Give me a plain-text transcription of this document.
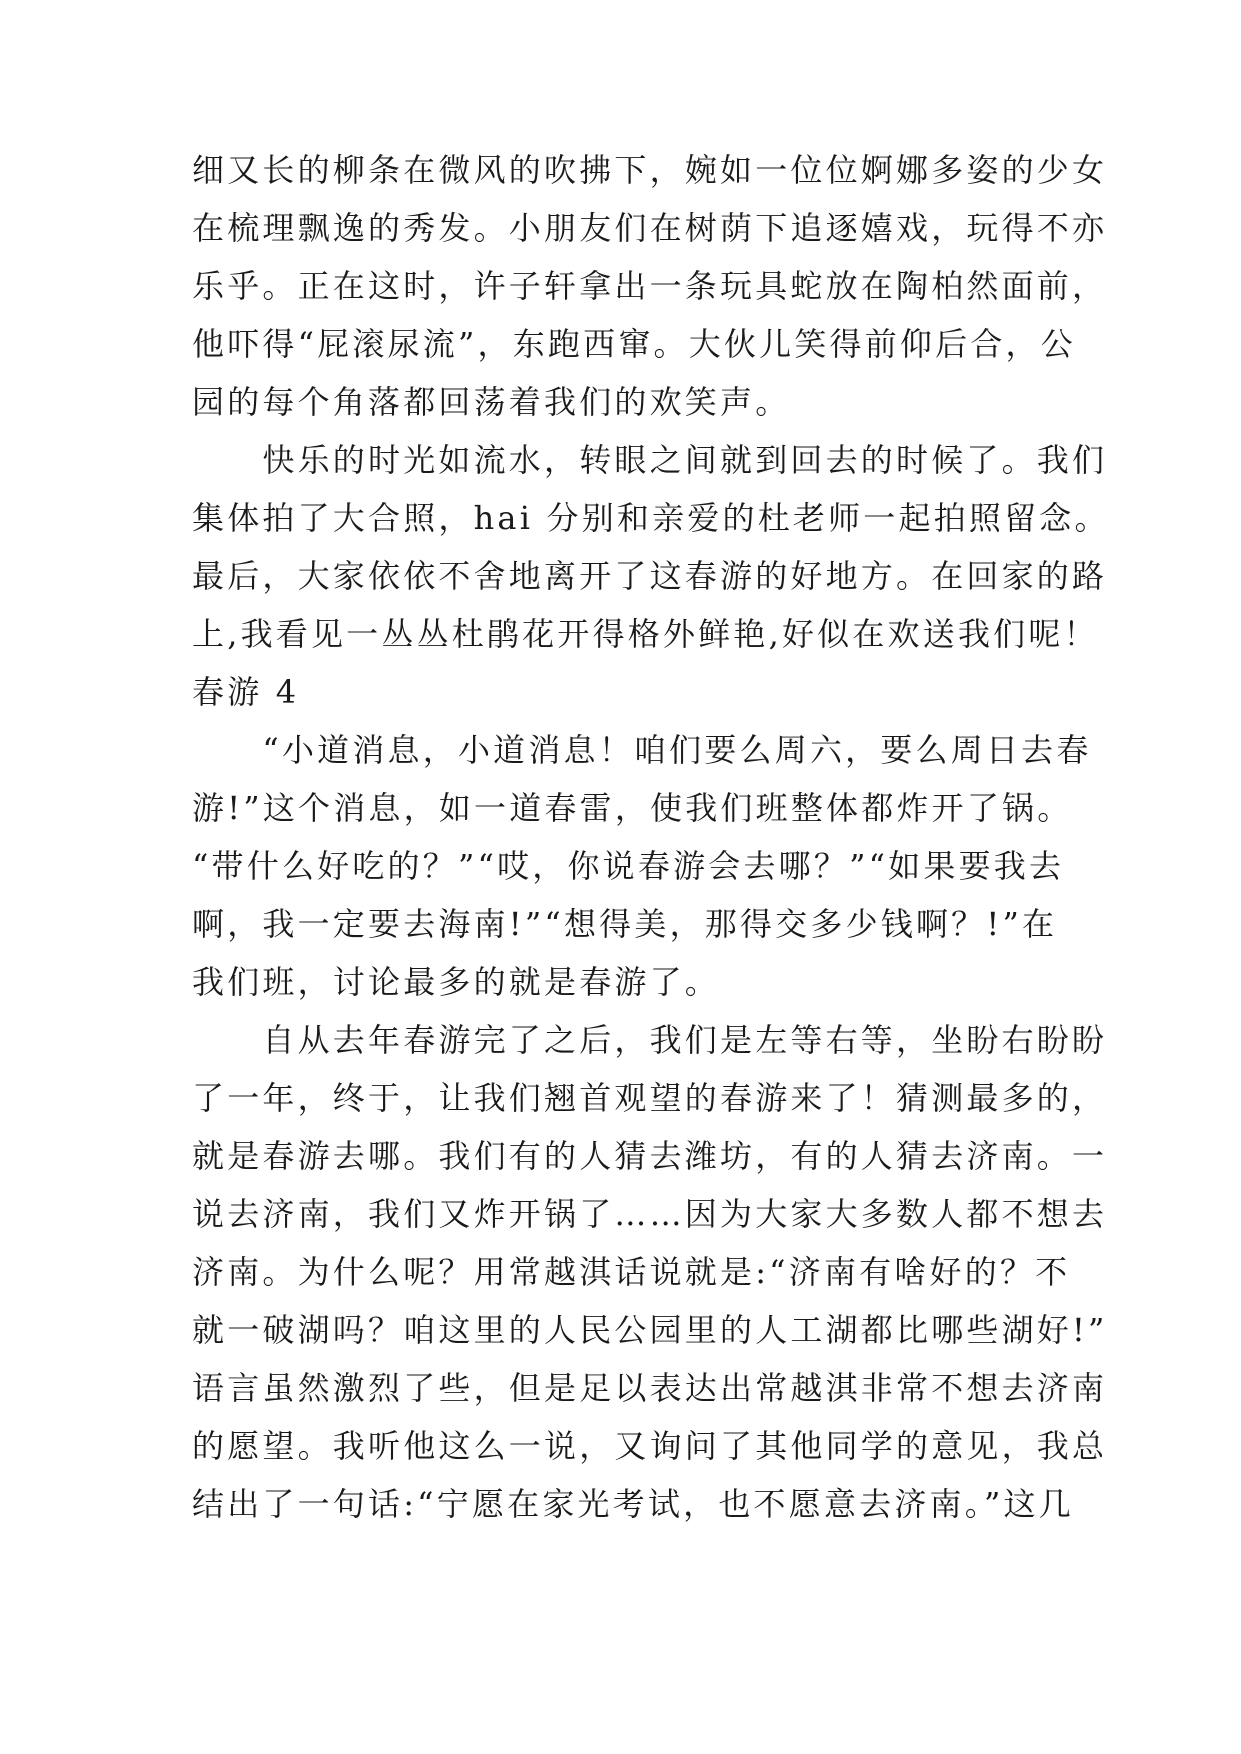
细又长的柳条在微风的吹拂下，婉如一位位婀娜多姿的少女
在梳理飘逸的秀发。小朋友们在树荫下追逐嬉戏，玩得不亦
乐乎。正在这时，许子轩拿出一条玩具蛇放在陶柏然面前，
他吓得“屁滚尿流”，东跑西窜。大伙儿笑得前仰后合，公
园的每个角落都回荡着我们的欢笑声。
　　快乐的时光如流水，转眼之间就到回去的时候了。我们
集体拍了大合照，hai 分别和亲爱的杜老师一起拍照留念。
最后，大家依依不舍地离开了这春游的好地方。在回家的路
上,我看见一丛丛杜鹃花开得格外鲜艳,好似在欢送我们呢！
春游 4
　　“小道消息，小道消息！咱们要么周六，要么周日去春
游!”这个消息，如一道春雷，使我们班整体都炸开了锅。
“带什么好吃的？”“哎，你说春游会去哪？”“如果要我去
啊，我一定要去海南!”“想得美，那得交多少钱啊？!”在
我们班，讨论最多的就是春游了。
　　自从去年春游完了之后，我们是左等右等，坐盼右盼盼
了一年，终于，让我们翘首观望的春游来了！猜测最多的，
就是春游去哪。我们有的人猜去潍坊，有的人猜去济南。一
说去济南，我们又炸开锅了……因为大家大多数人都不想去
济南。为什么呢？用常越淇话说就是:“济南有啥好的？不
就一破湖吗？咱这里的人民公园里的人工湖都比哪些湖好!”
语言虽然激烈了些，但是足以表达出常越淇非常不想去济南
的愿望。我听他这么一说，又询问了其他同学的意见，我总
结出了一句话:“宁愿在家光考试，也不愿意去济南。”这几
